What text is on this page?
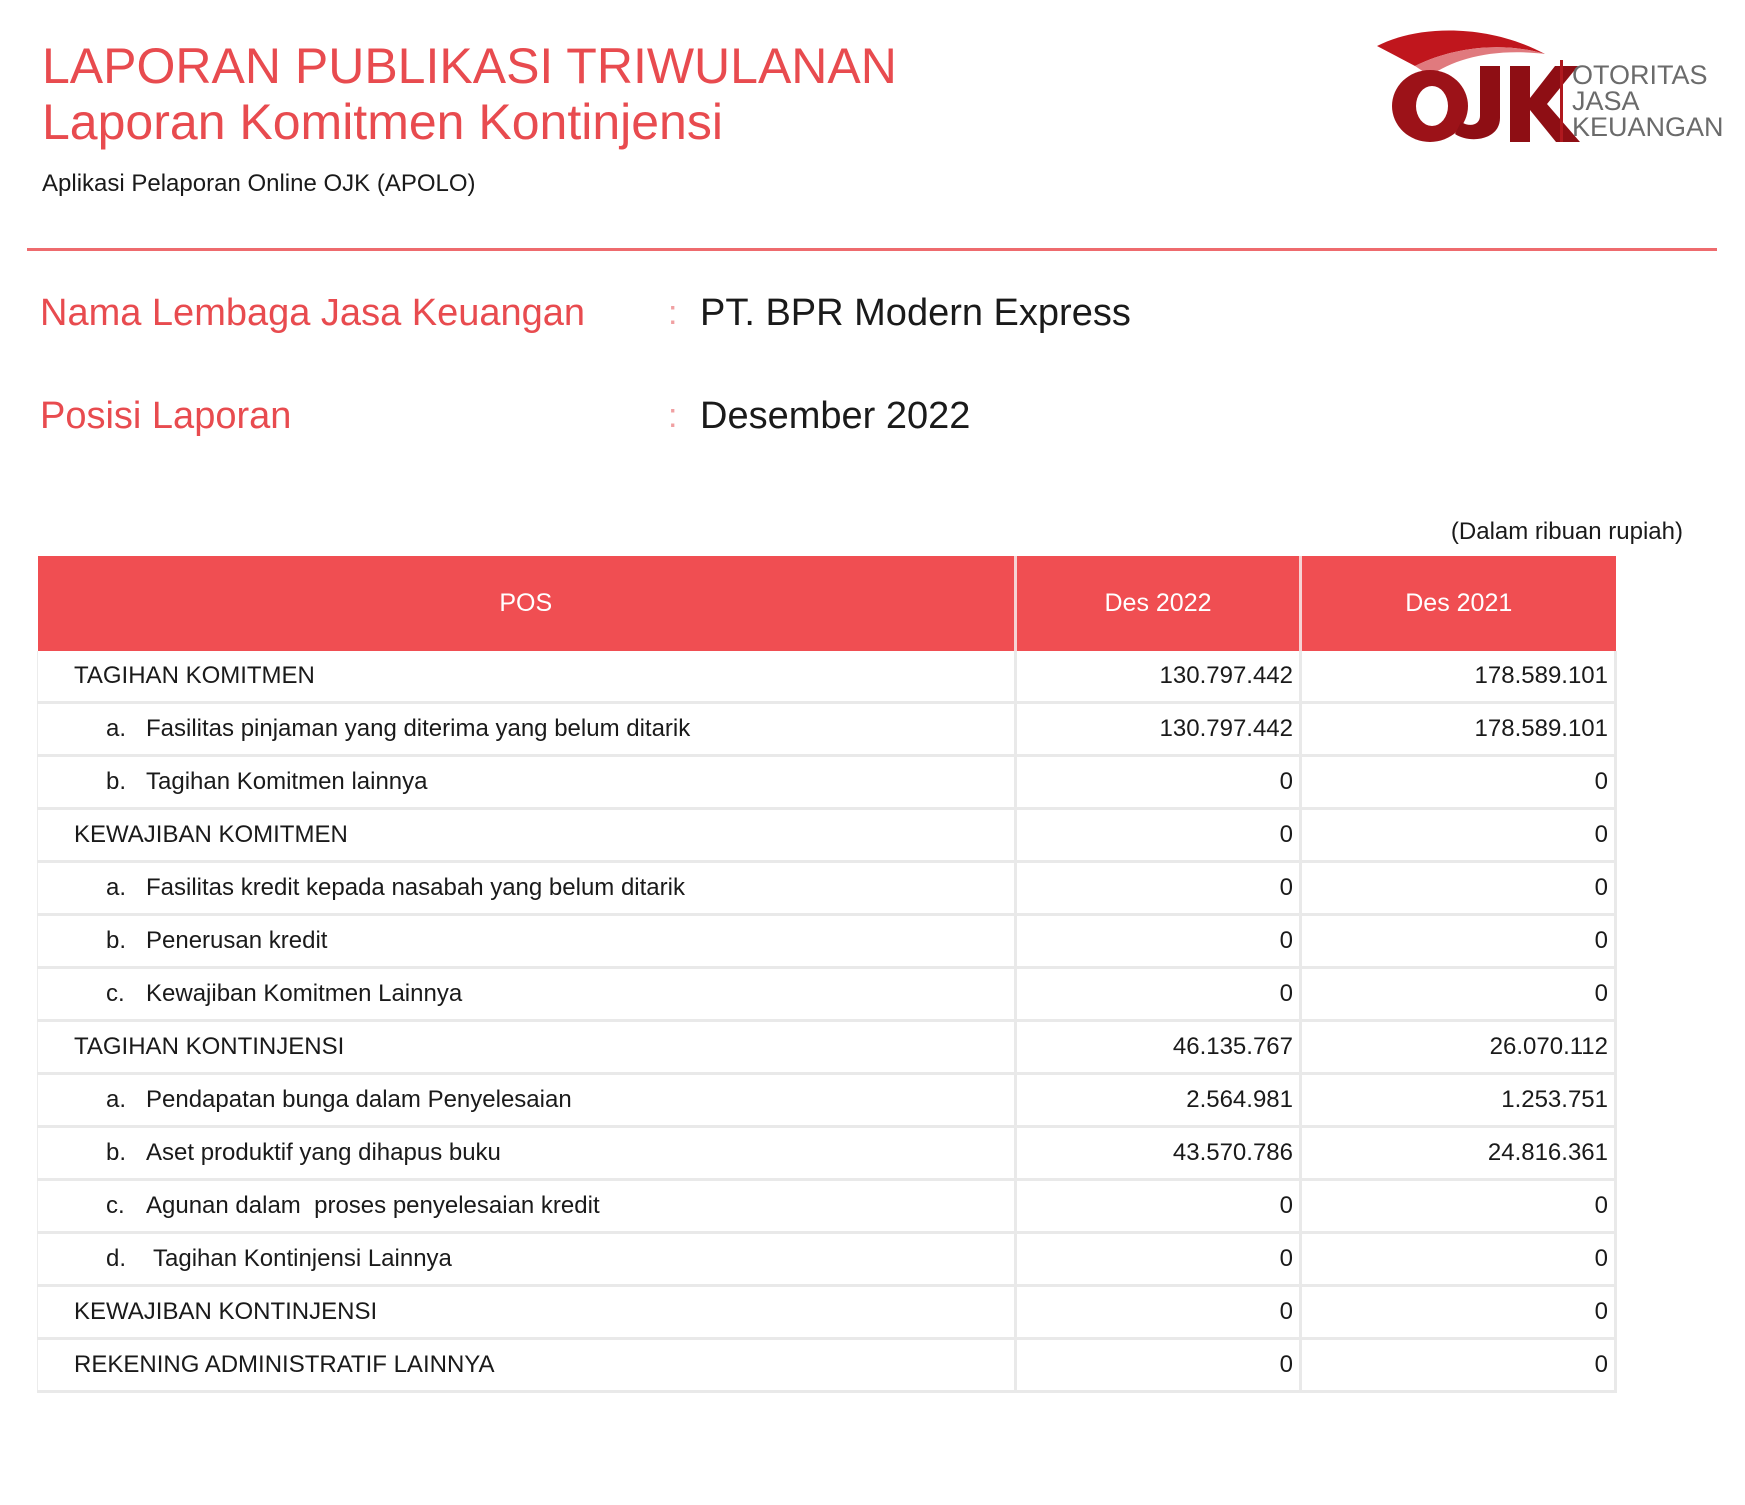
LAPORAN PUBLIKASI TRIWULANAN
Laporan Komitmen Kontinjensi
Aplikasi Pelaporan Online OJK (APOLO)
OTORITAS
JASA
KEUANGAN
Nama Lembaga Jasa Keuangan : PT. BPR Modern Express
Posisi Laporan	: Desember 2022
(Dalam ribuan rupiah)
POS	Des 2022	Des 2021
TAGIHAN KOMITMEN	130.797.442	178.589.101
a. Fasilitas pinjaman yang diterima yang belum ditarik	130.797.442	178.589.101
b. Tagihan Komitmen lainnya	0	0
KEWAJIBAN KOMITMEN	0	0
a. Fasilitas kredit kepada nasabah yang belum ditarik	0	0
b. Penerusan kredit	0	0
c. Kewajiban Komitmen Lainnya	0	0
TAGIHAN KONTINJENSI	46.135.767	26.070.112
a. Pendapatan bunga dalam Penyelesaian	2.564.981	1.253.751
b. Aset produktif yang dihapus buku	43.570.786	24.816.361
c. Agunan dalam  proses penyelesaian kredit	0	0
d. Tagihan Kontinjensi Lainnya	0	0
KEWAJIBAN KONTINJENSI	0	0
REKENING ADMINISTRATIF LAINNYA	0	0
